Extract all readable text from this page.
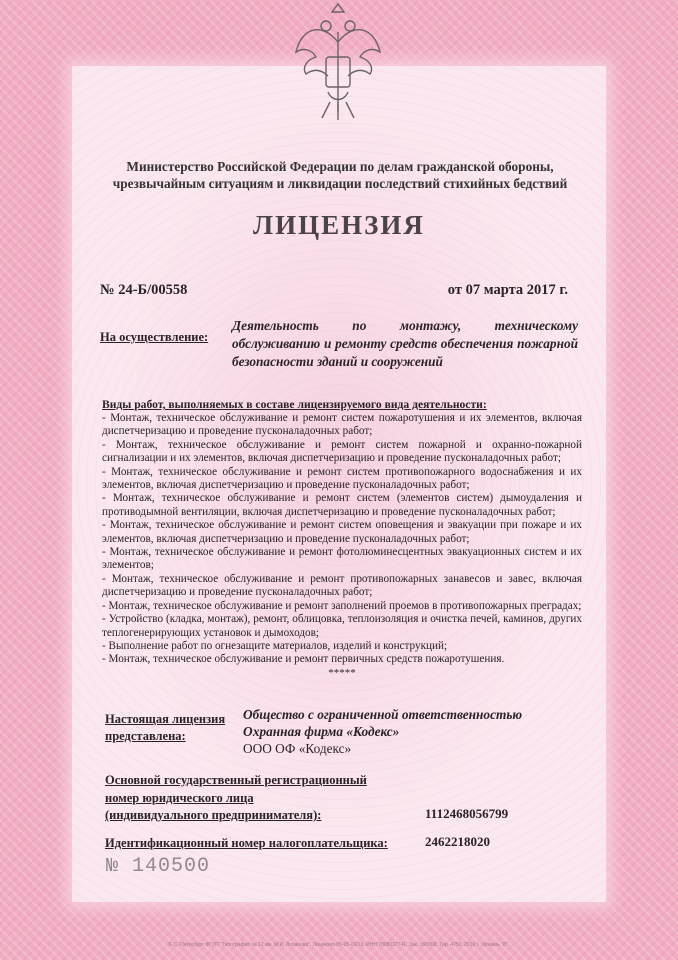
Министерство Российской Федерации по делам гражданской обороны,
чрезвычайным ситуациям и ликвидации последствий стихийных бедствий
ЛИЦЕНЗИЯ
№ 24-Б/00558	от 07 марта 2017 г.
На осуществление:
Деятельность по монтажу, техническому обслуживанию и ремонту средств обеспечения пожарной безопасности зданий и сооружений
Виды работ, выполняемых в составе лицензируемого вида деятельности:
- Монтаж, техническое обслуживание и ремонт систем пожаротушения и их элементов, включая диспетчеризацию и проведение пусконаладочных работ;
- Монтаж, техническое обслуживание и ремонт систем пожарной и охранно-пожарной сигнализации и их элементов, включая диспетчеризацию и проведение пусконаладочных работ;
- Монтаж, техническое обслуживание и ремонт систем противопожарного водоснабжения и их элементов, включая диспетчеризацию и проведение пусконаладочных работ;
- Монтаж, техническое обслуживание и ремонт систем (элементов систем) дымоудаления и противодымной вентиляции, включая диспетчеризацию и проведение пусконаладочных работ;
- Монтаж, техническое обслуживание и ремонт систем оповещения и эвакуации при пожаре и их элементов, включая диспетчеризацию и проведение пусконаладочных работ;
- Монтаж, техническое обслуживание и ремонт фотолюминесцентных эвакуационных систем и их элементов;
- Монтаж, техническое обслуживание и ремонт противопожарных занавесов и завес, включая диспетчеризацию и проведение пусконаладочных работ;
- Монтаж, техническое обслуживание и ремонт заполнений проемов в противопожарных преградах;
- Устройство (кладка, монтаж), ремонт, облицовка, теплоизоляция и очистка печей, каминов, других теплогенерирующих установок и дымоходов;
- Выполнение работ по огнезащите материалов, изделий и конструкций;
- Монтаж, техническое обслуживание и ремонт первичных средств пожаротушения.
*****
Настоящая лицензия
представлена:
Общество с ограниченной ответственностью
Охранная фирма «Кодекс»
ООО ОФ «Кодекс»
Основной государственный регистрационный
номер юридического лица
(индивидуального предпринимателя):	1112468056799
Идентификационный номер налогоплательщика:	2462218020
№ 140500
© С.-Петербург ФГУП "Типография № 12 им. М.И. Лоханова". Лицензия 05-05-09/19. ИНН 7808037741. Зак. 160368. Тир. 4750. 2016 г. Уровень "Б".
